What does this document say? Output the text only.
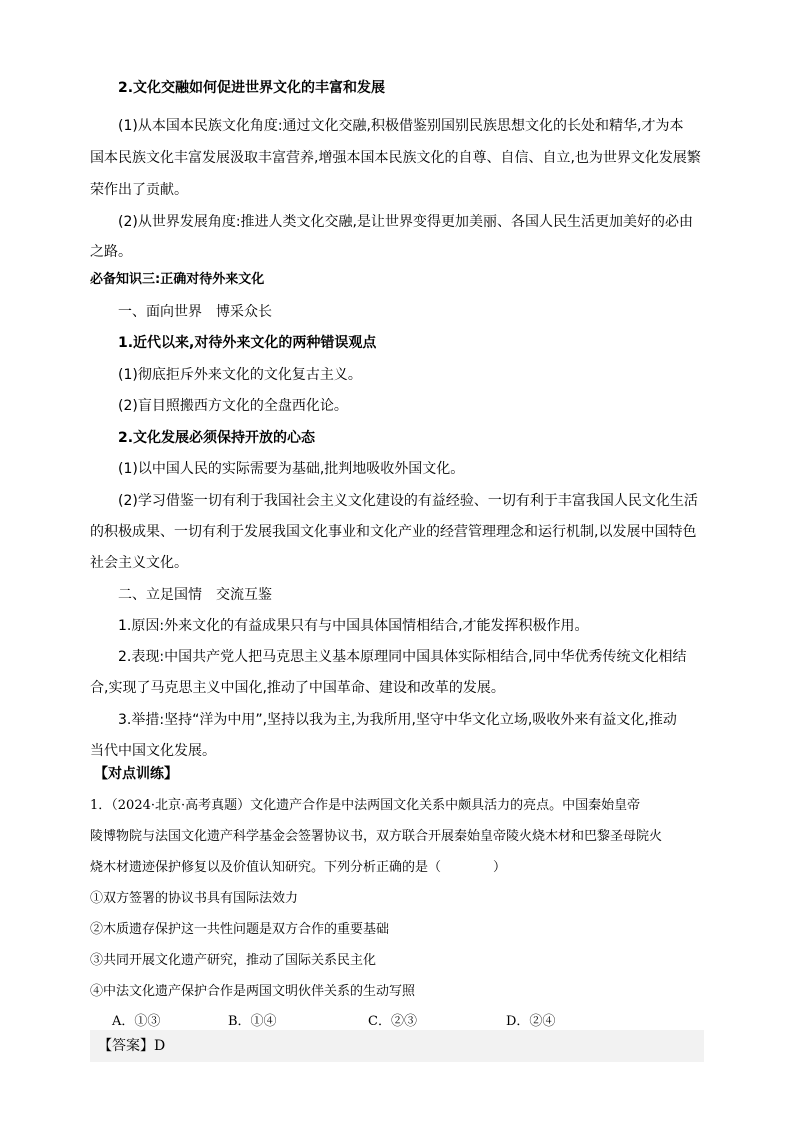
2.文化交融如何促进世界文化的丰富和发展
(1)从本国本民族文化角度:通过文化交融,积极借鉴别国别民族思想文化的长处和精华,才为本
国本民族文化丰富发展汲取丰富营养,增强本国本民族文化的自尊、自信、自立,也为世界文化发展繁
荣作出了贡献。
(2)从世界发展角度:推进人类文化交融,是让世界变得更加美丽、各国人民生活更加美好的必由
之路。
必备知识三:正确对待外来文化
一、面向世界　博采众长
1.近代以来,对待外来文化的两种错误观点
(1)彻底拒斥外来文化的文化复古主义。
(2)盲目照搬西方文化的全盘西化论。
2.文化发展必须保持开放的心态
(1)以中国人民的实际需要为基础,批判地吸收外国文化。
(2)学习借鉴一切有利于我国社会主义文化建设的有益经验、一切有利于丰富我国人民文化生活
的积极成果、一切有利于发展我国文化事业和文化产业的经营管理理念和运行机制,以发展中国特色
社会主义文化。
二、立足国情　交流互鉴
1.原因:外来文化的有益成果只有与中国具体国情相结合,才能发挥积极作用。
2.表现:中国共产党人把马克思主义基本原理同中国具体实际相结合,同中华优秀传统文化相结
合,实现了马克思主义中国化,推动了中国革命、建设和改革的发展。
3.举措:坚持“洋为中用”,坚持以我为主,为我所用,坚守中华文化立场,吸收外来有益文化,推动
当代中国文化发展。
【对点训练】
1．（2024·北京·高考真题）文化遗产合作是中法两国文化关系中颇具活力的亮点。中国秦始皇帝
陵博物院与法国文化遗产科学基金会签署协议书，双方联合开展秦始皇帝陵火烧木材和巴黎圣母院火
烧木材遗迹保护修复以及价值认知研究。下列分析正确的是（　　　　）
①双方签署的协议书具有国际法效力
②木质遗存保护这一共性问题是双方合作的重要基础
③共同开展文化遗产研究，推动了国际关系民主化
④中法文化遗产保护合作是两国文明伙伴关系的生动写照
A．①③	B．①④	C．②③	D．②④
【答案】D
